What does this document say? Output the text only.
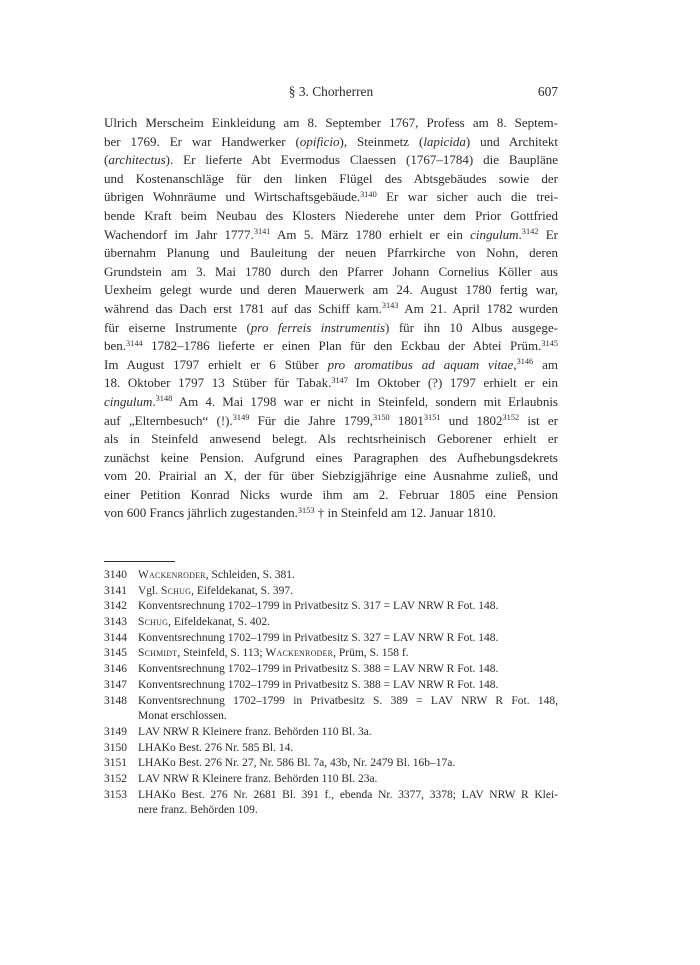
§ 3. Chorherren	607
Ulrich Merscheim Einkleidung am 8. September 1767, Profess am 8. Septem-
ber 1769. Er war Handwerker (opificio), Steinmetz (lapicida) und Architekt
(architectus). Er lieferte Abt Evermodus Claessen (1767–1784) die Baupläne
und Kostenanschläge für den linken Flügel des Abtsgebäudes sowie der
übrigen Wohnräume und Wirtschaftsgebäude.$^{3140}$ Er war sicher auch die trei-
bende Kraft beim Neubau des Klosters Niederehe unter dem Prior Gottfried
Wachendorf im Jahr 1777.$^{3141}$ Am 5. März 1780 erhielt er ein cingulum.$^{3142}$ Er
übernahm Planung und Bauleitung der neuen Pfarrkirche von Nohn, deren
Grundstein am 3. Mai 1780 durch den Pfarrer Johann Cornelius Köller aus
Uexheim gelegt wurde und deren Mauerwerk am 24. August 1780 fertig war,
während das Dach erst 1781 auf das Schiff kam.$^{3143}$ Am 21. April 1782 wurden
für eiserne Instrumente (pro ferreis instrumentis) für ihn 10 Albus ausgege-
ben.$^{3144}$ 1782–1786 lieferte er einen Plan für den Eckbau der Abtei Prüm.$^{3145}$
Im August 1797 erhielt er 6 Stüber pro aromatibus ad aquam vitae,$^{3146}$ am
18. Oktober 1797 13 Stüber für Tabak.$^{3147}$ Im Oktober (?) 1797 erhielt er ein
cingulum.$^{3148}$ Am 4. Mai 1798 war er nicht in Steinfeld, sondern mit Erlaubnis
auf „Elternbesuch“ (!).$^{3149}$ Für die Jahre 1799,$^{3150}$ 1801$^{3151}$ und 1802$^{3152}$ ist er
als in Steinfeld anwesend belegt. Als rechtsrheinisch Geborener erhielt er
zunächst keine Pension. Aufgrund eines Paragraphen des Aufhebungsdekrets
vom 20. Prairial an X, der für über Siebzigjährige eine Ausnahme zuließ, und
einer Petition Konrad Nicks wurde ihm am 2. Februar 1805 eine Pension
von 600 Francs jährlich zugestanden.$^{3153}$ † in Steinfeld am 12. Januar 1810.
3140 Wackenroder, Schleiden, S. 381.
3141 Vgl. Schug, Eifeldekanat, S. 397.
3142 Konventsrechnung 1702–1799 in Privatbesitz S. 317 = LAV NRW R Fot. 148.
3143 Schug, Eifeldekanat, S. 402.
3144 Konventsrechnung 1702–1799 in Privatbesitz S. 327 = LAV NRW R Fot. 148.
3145 Schmidt, Steinfeld, S. 113; Wackenroder, Prüm, S. 158 f.
3146 Konventsrechnung 1702–1799 in Privatbesitz S. 388 = LAV NRW R Fot. 148.
3147 Konventsrechnung 1702–1799 in Privatbesitz S. 388 = LAV NRW R Fot. 148.
3148 Konventsrechnung 1702–1799 in Privatbesitz S. 389 = LAV NRW R Fot. 148,
Monat erschlossen.
3149 LAV NRW R Kleinere franz. Behörden 110 Bl. 3a.
3150 LHAKo Best. 276 Nr. 585 Bl. 14.
3151 LHAKo Best. 276 Nr. 27, Nr. 586 Bl. 7a, 43b, Nr. 2479 Bl. 16b–17a.
3152 LAV NRW R Kleinere franz. Behörden 110 Bl. 23a.
3153 LHAKo Best. 276 Nr. 2681 Bl. 391 f., ebenda Nr. 3377, 3378; LAV NRW R Klei-
nere franz. Behörden 109.
